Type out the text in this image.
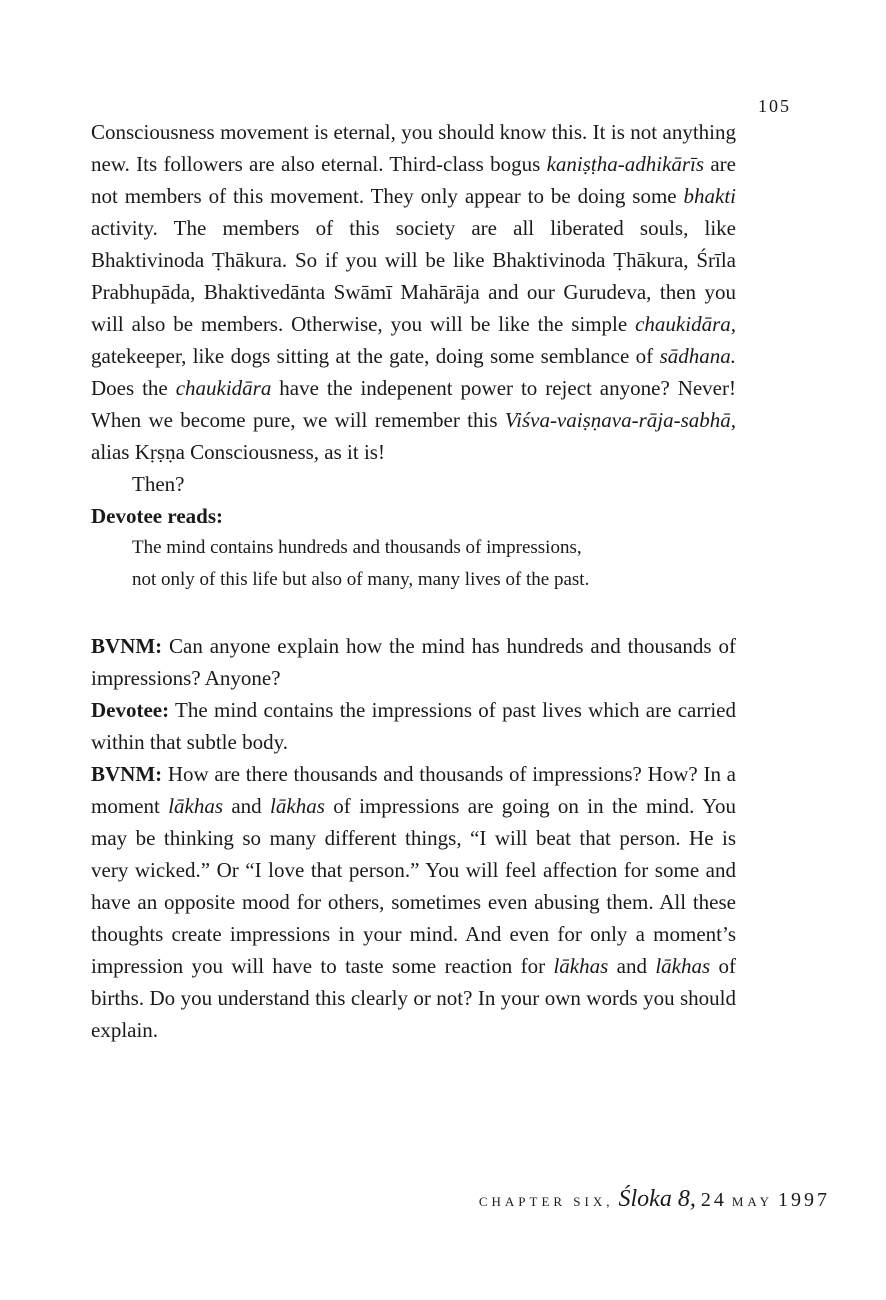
105

Consciousness movement is eternal, you should know this. It is not anything new. Its followers are also eternal. Third-class bogus kaniṣṭha-adhikārīs are not members of this movement. They only appear to be doing some bhakti activity. The members of this society are all liberated souls, like Bhaktivinoda Ṭhākura. So if you will be like Bhaktivinoda Ṭhākura, Śrīla Prabhupāda, Bhaktivedānta Swāmī Mahārāja and our Gurudeva, then you will also be members. Otherwise, you will be like the simple chaukidāra, gatekeeper, like dogs sitting at the gate, doing some semblance of sādhana. Does the chaukidāra have the indepenent power to reject anyone? Never! When we become pure, we will remember this Viśva-vaiṣṇava-rāja-sabhā, alias Kṛṣṇa Consciousness, as it is!

Then?

Devotee reads:

The mind contains hundreds and thousands of impressions,

not only of this life but also of many, many lives of the past.

BVNM: Can anyone explain how the mind has hundreds and thousands of impressions? Anyone?

Devotee: The mind contains the impressions of past lives which are carried within that subtle body.

BVNM: How are there thousands and thousands of impressions? How? In a moment lākhas and lākhas of impressions are going on in the mind. You may be thinking so many different things, “I will beat that person. He is very wicked.” Or “I love that person.” You will feel affection for some and have an opposite mood for others, sometimes even abusing them. All these thoughts create impressions in your mind. And even for only a moment’s impression you will have to taste some reaction for lākhas and lākhas of births. Do you understand this clearly or not? In your own words you should explain.

CHAPTER SIX, Śloka 8, 24 MAY 1997
